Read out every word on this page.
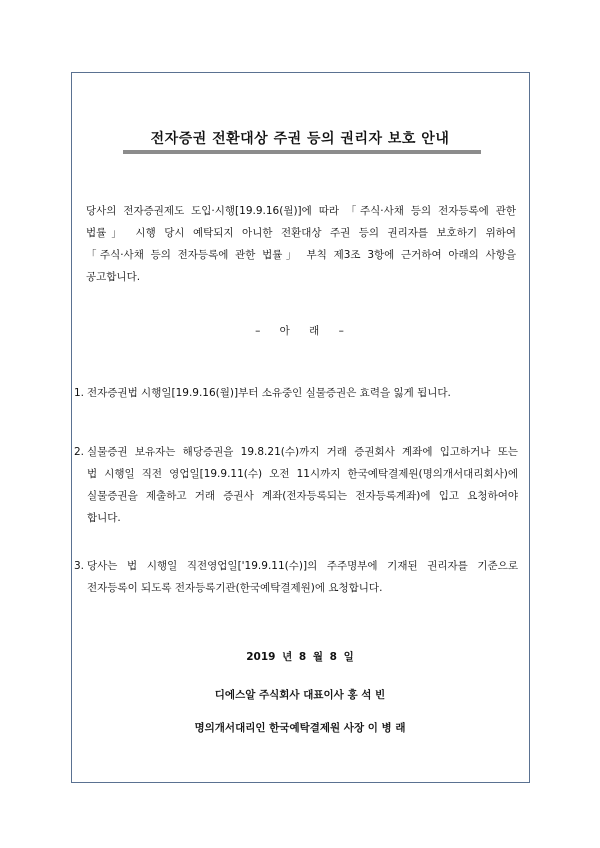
전자증권 전환대상 주권 등의 권리자 보호 안내
당사의 전자증권제도 도입·시행[19.9.16(월)]에 따라 「주식·사채 등의 전자등록에 관한
법률」 시행 당시 예탁되지 아니한 전환대상 주권 등의 권리자를 보호하기 위하여
「주식·사채 등의 전자등록에 관한 법률」 부칙 제3조 3항에 근거하여 아래의 사항을
공고합니다.
– 아 래 –
1. 전자증권법 시행일[19.9.16(월)]부터 소유중인 실물증권은 효력을 잃게 됩니다.
2. 실물증권 보유자는 해당증권을 19.8.21(수)까지 거래 증권회사 계좌에 입고하거나 또는
법 시행일 직전 영업일[19.9.11(수) 오전 11시까지 한국예탁결제원(명의개서대리회사)에
실물증권을 제출하고 거래 증권사 계좌(전자등록되는 전자등록계좌)에 입고 요청하여야
합니다.
3. 당사는 법 시행일 직전영업일['19.9.11(수)]의 주주명부에 기재된 권리자를 기준으로
전자등록이 되도록 전자등록기관(한국예탁결제원)에 요청합니다.
2019 년 8 월 8 일
디에스알 주식회사 대표이사 홍 석 빈
명의개서대리인 한국예탁결제원 사장 이 병 래
